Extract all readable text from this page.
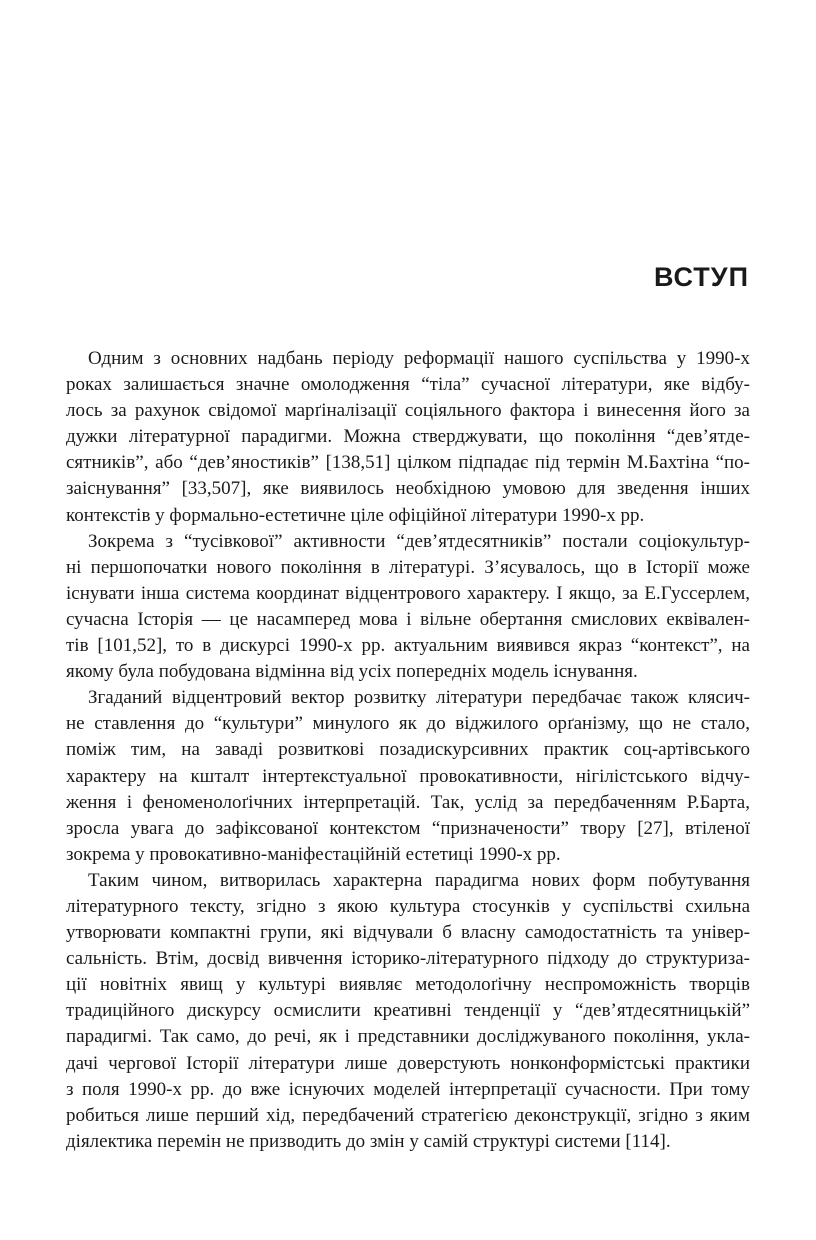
ВСТУП
Одним з основних надбань періоду реформації нашого суспільства у 1990-х
роках залишається значне омолодження “тіла” сучасної літератури, яке відбу-
лось за рахунок свідомої марґіналізації соціяльного фактора і винесення його за
дужки літературної парадигми. Можна стверджувати, що покоління “дев’ятде-
сятників”, або “дев’яностиків” [138,51] цілком підпадає під термін М.Бахтіна “по-
заіснування” [33,507], яке виявилось необхідною умовою для зведення інших
контекстів у формально-естетичне ціле офіційної літератури 1990-х рр.
Зокрема з “тусівкової” активности “дев’ятдесятників” постали соціокультур-
ні першопочатки нового покоління в літературі. З’ясувалось, що в Історії може
існувати інша система координат відцентрового характеру. І якщо, за Е.Гуссерлем,
сучасна Історія — це насамперед мова і вільне обертання смислових еквівален-
тів [101,52], то в дискурсі 1990-х рр. актуальним виявився якраз “контекст”, на
якому була побудована відмінна від усіх попередніх модель існування.
Згаданий відцентровий вектор розвитку літератури передбачає також клясич-
не ставлення до “культури” минулого як до віджилого орґанізму, що не стало,
поміж тим, на заваді розвиткові позадискурсивних практик соц-артівського
характеру на кшталт інтертекстуальної провокативности, нігілістського відчу-
ження і феноменолоґічних інтерпретацій. Так, услід за передбаченням Р.Барта,
зросла увага до зафіксованої контекстом “призначености” твору [27], втіленої
зокрема у провокативно-маніфестаційній естетиці 1990-х рр.
Таким чином, витворилась характерна парадигма нових форм побутування
літературного тексту, згідно з якою культура стосунків у суспільстві схильна
утворювати компактні групи, які відчували б власну самодостатність та універ-
сальність. Втім, досвід вивчення історико-літературного підходу до структуриза-
ції новітніх явищ у культурі виявляє методолоґічну неспроможність творців
традиційного дискурсу осмислити креативні тенденції у “дев’ятдесятницькій”
парадигмі. Так само, до речі, як і представники досліджуваного покоління, укла-
дачі чергової Історії літератури лише доверстують нонконформістські практики
з поля 1990-х рр. до вже існуючих моделей інтерпретації сучасности. При тому
робиться лише перший хід, передбачений стратегією деконструкції, згідно з яким
діялектика перемін не призводить до змін у самій структурі системи [114].
